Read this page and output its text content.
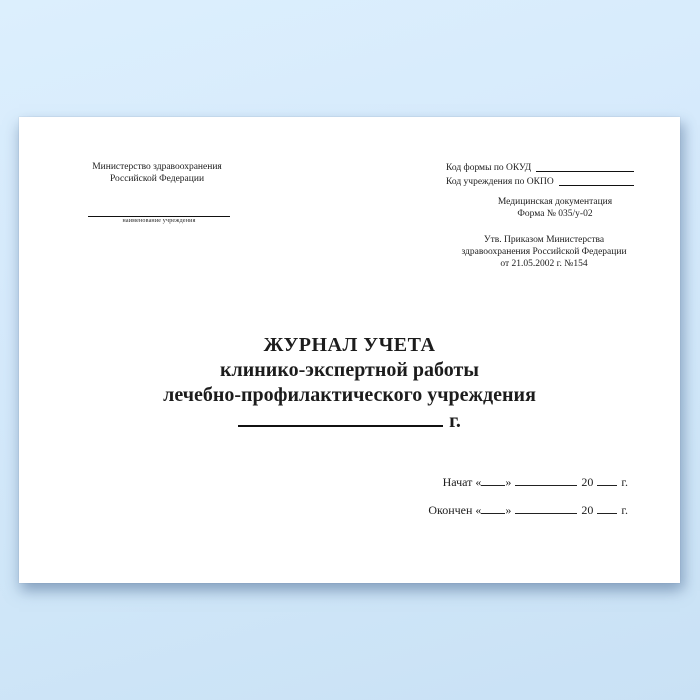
Министерство здравоохранения
Российской Федерации
наименование учреждения
Код формы по ОКУД
Код учреждения по ОКПО
Медицинская документация
Форма № 035/у-02
Утв. Приказом Министерства
здравоохранения Российской Федерации
от 21.05.2002 г. №154
ЖУРНАЛ УЧЕТА
клинико-экспертной работы
лечебно-профилактического учреждения
г.
Начат « »	20 г.
Окончен « »	20 г.
